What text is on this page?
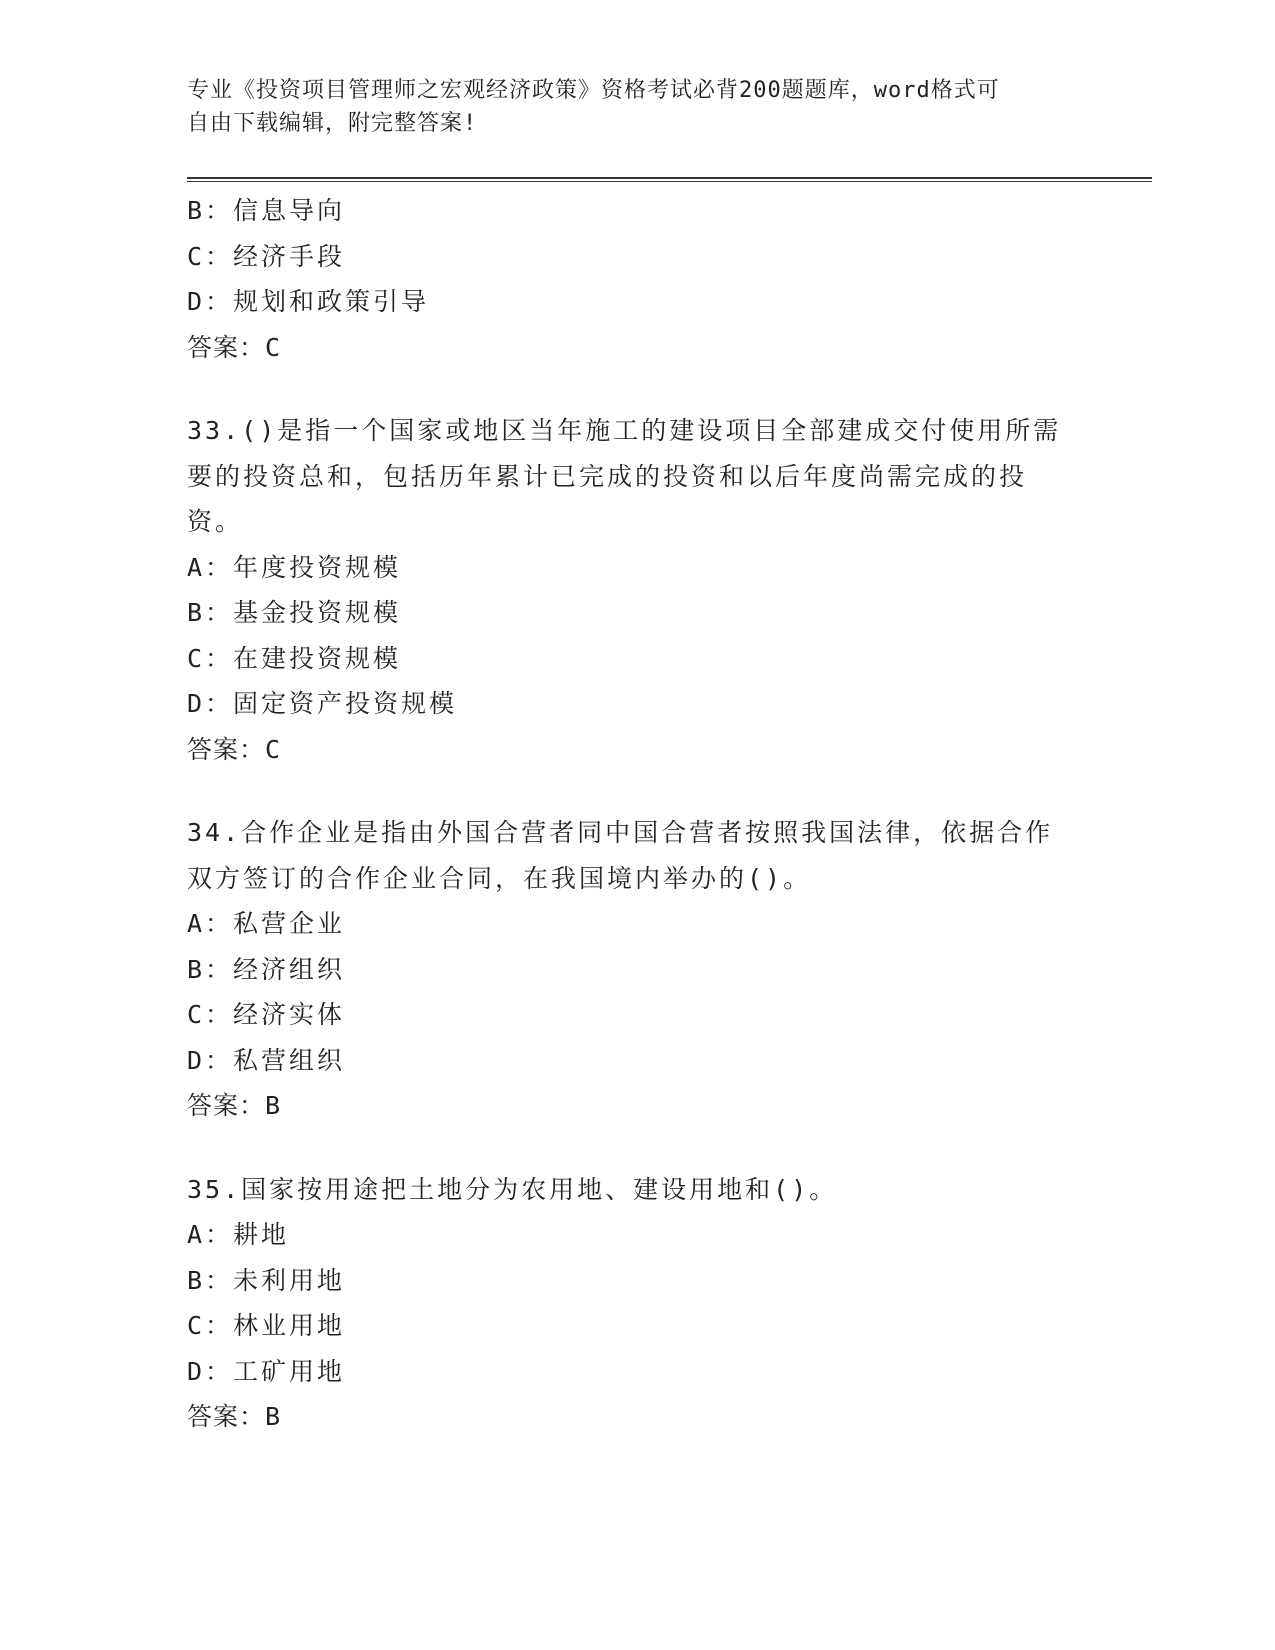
专业《投资项目管理师之宏观经济政策》资格考试必背200题题库，word格式可
自由下载编辑，附完整答案!
B：信息导向
C：经济手段
D：规划和政策引导
答案：C
33.()是指一个国家或地区当年施工的建设项目全部建成交付使用所需
要的投资总和，包括历年累计已完成的投资和以后年度尚需完成的投
资。
A：年度投资规模
B：基金投资规模
C：在建投资规模
D：固定资产投资规模
答案：C
34.合作企业是指由外国合营者同中国合营者按照我国法律，依据合作
双方签订的合作企业合同，在我国境内举办的()。
A：私营企业
B：经济组织
C：经济实体
D：私营组织
答案：B
35.国家按用途把土地分为农用地、建设用地和()。
A：耕地
B：未利用地
C：林业用地
D：工矿用地
答案：B
